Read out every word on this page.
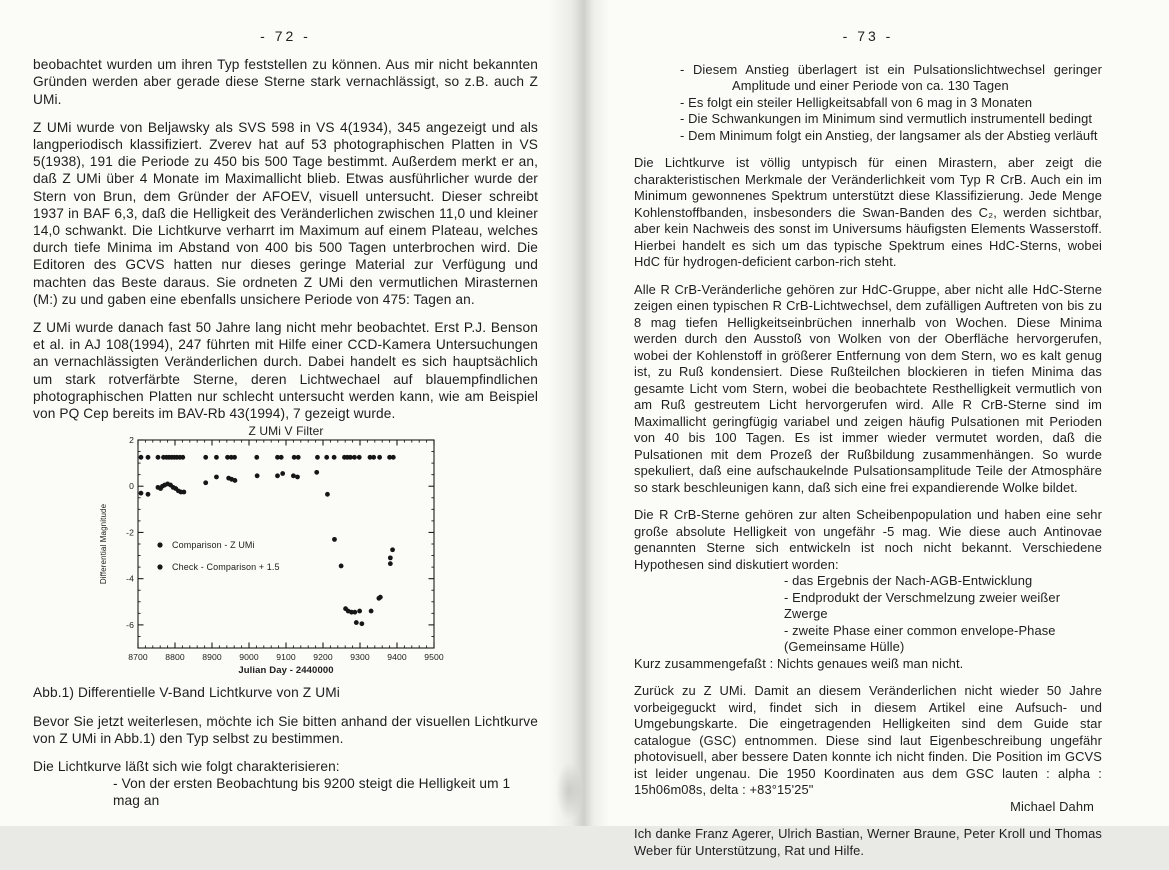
- 72 -

beobachtet wurden um ihren Typ feststellen zu können. Aus mir nicht bekannten Gründen werden aber gerade diese Sterne stark vernachlässigt, so z.B. auch Z UMi.

Z UMi wurde von Beljawsky als SVS 598 in VS 4(1934), 345 angezeigt und als langperiodisch klassifiziert. Zverev hat auf 53 photographischen Platten in VS 5(1938), 191 die Periode zu 450 bis 500 Tage bestimmt. Außerdem merkt er an, daß Z UMi über 4 Monate im Maximallicht blieb. Etwas ausführlicher wurde der Stern von Brun, dem Gründer der AFOEV, visuell untersucht. Dieser schreibt 1937 in BAF 6,3, daß die Helligkeit des Veränderlichen zwischen 11,0 und kleiner 14,0 schwankt. Die Lichtkurve verharrt im Maximum auf einem Plateau, welches durch tiefe Minima im Abstand von 400 bis 500 Tagen unterbrochen wird. Die Editoren des GCVS hatten nur dieses geringe Material zur Verfügung und machten das Beste daraus. Sie ordneten Z UMi den vermutlichen Mirasternen (M:) zu und gaben eine ebenfalls unsichere Periode von 475: Tagen an.

Z UMi wurde danach fast 50 Jahre lang nicht mehr beobachtet. Erst P.J. Benson et al. in AJ 108(1994), 247 führten mit Hilfe einer CCD-Kamera Untersuchungen an vernachlässigten Veränderlichen durch. Dabei handelt es sich hauptsächlich um stark rotverfärbte Sterne, deren Lichtwechael auf blauempfindlichen photographischen Platten nur schlecht untersucht werden kann, wie am Beispiel von PQ Cep bereits im BAV-Rb 43(1994), 7 gezeigt wurde.

8700 8800 8900 9000 9100 9200 9300 9400 9500
2
0
-2
-4
-6
Z UMi V Filter
Julian Day - 2440000
Differential Magnitude	Comparison - Z UMi
Check - Comparison + 1.5
Abb.1) Differentielle V-Band Lichtkurve von Z UMi

Bevor Sie jetzt weiterlesen, möchte ich Sie bitten anhand der visuellen Lichtkurve von Z UMi in Abb.1) den Typ selbst zu bestimmen.

Die Lichtkurve läßt sich wie folgt charakterisieren:

- Von der ersten Beobachtung bis 9200 steigt die Helligkeit um 1 mag an
- 73 -
- Diesem Anstieg überlagert ist ein Pulsationslichtwechsel geringer
Amplitude und einer Periode von ca. 130 Tagen
- Es folgt ein steiler Helligkeitsabfall von 6 mag in 3 Monaten
- Die Schwankungen im Minimum sind vermutlich instrumentell bedingt
- Dem Minimum folgt ein Anstieg, der langsamer als der Abstieg verläuft

Die Lichtkurve ist völlig untypisch für einen Mirastern, aber zeigt die charakteristischen Merkmale der Veränderlichkeit vom Typ R CrB. Auch ein im Minimum gewonnenes Spektrum unterstützt diese Klassifizierung. Jede Menge Kohlenstoffbanden, insbesonders die Swan-Banden des C₂, werden sichtbar, aber kein Nachweis des sonst im Universums häufigsten Elements Wasserstoff. Hierbei handelt es sich um das typische Spektrum eines HdC-Sterns, wobei HdC für hydrogen-deficient carbon-rich steht.

Alle R CrB-Veränderliche gehören zur HdC-Gruppe, aber nicht alle HdC-Sterne zeigen einen typischen R CrB-Lichtwechsel, dem zufälligen Auftreten von bis zu 8 mag tiefen Helligkeitseinbrüchen innerhalb von Wochen. Diese Minima werden durch den Ausstoß von Wolken von der Oberfläche hervorgerufen, wobei der Kohlenstoff in größerer Entfernung von dem Stern, wo es kalt genug ist, zu Ruß kondensiert. Diese Rußteilchen blockieren in tiefen Minima das gesamte Licht vom Stern, wobei die beobachtete Resthelligkeit vermutlich von am Ruß gestreutem Licht hervorgerufen wird. Alle R CrB-Sterne sind im Maximallicht geringfügig variabel und zeigen häufig Pulsationen mit Perioden von 40 bis 100 Tagen. Es ist immer wieder vermutet worden, daß die Pulsationen mit dem Prozeß der Rußbildung zusammenhängen. So wurde spekuliert, daß eine aufschaukelnde Pulsationsamplitude Teile der Atmosphäre so stark beschleunigen kann, daß sich eine frei expandierende Wolke bildet.

Die R CrB-Sterne gehören zur alten Scheibenpopulation und haben eine sehr große absolute Helligkeit von ungefähr -5 mag. Wie diese auch Antinovae genannten Sterne sich entwickeln ist noch nicht bekannt. Verschiedene Hypothesen sind diskutiert worden:

- das Ergebnis der Nach-AGB-Entwicklung
- Endprodukt der Verschmelzung zweier weißer Zwerge
- zweite Phase einer common envelope-Phase (Gemeinsame Hülle)
Kurz zusammengefaßt : Nichts genaues weiß man nicht.

Zurück zu Z UMi. Damit an diesem Veränderlichen nicht wieder 50 Jahre vorbeigeguckt wird, findet sich in diesem Artikel eine Aufsuch- und Umgebungskarte. Die eingetragenden Helligkeiten sind dem Guide star catalogue (GSC) entnommen. Diese sind laut Eigenbeschreibung ungefähr photovisuell, aber bessere Daten konnte ich nicht finden. Die Position im GCVS ist leider ungenau. Die 1950 Koordinaten aus dem GSC lauten : alpha : 15h06m08s, delta : +83°15'25"

Michael Dahm

Ich danke Franz Agerer, Ulrich Bastian, Werner Braune, Peter Kroll und Thomas Weber für Unterstützung, Rat und Hilfe.
